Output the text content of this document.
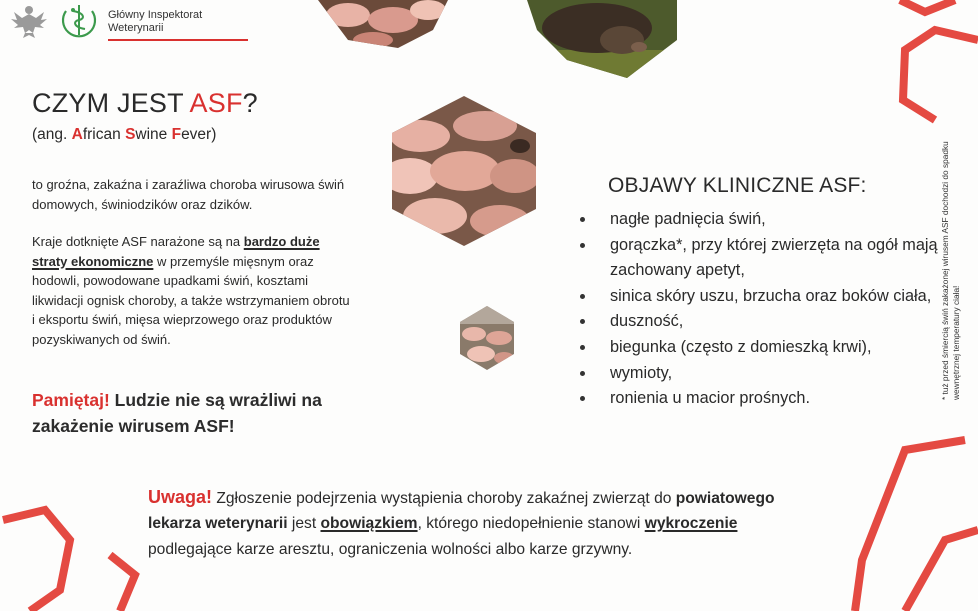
Główny Inspektorat
Weterynarii
CZYM JEST ASF?
(ang. African Swine Fever)
to groźna, zakaźna i zaraźliwa choroba wirusowa świń domowych, świniodzików oraz dzików.
Kraje dotknięte ASF narażone są na bardzo duże straty ekonomiczne w przemyśle mięsnym oraz hodowli, powodowane upadkami świń, kosztami likwidacji ognisk choroby, a także wstrzymaniem obrotu i eksportu świń, mięsa wieprzowego oraz produktów pozyskiwanych od świń.
Pamiętaj! Ludzie nie są wrażliwi na zakażenie wirusem ASF!
OBJAWY KLINICZNE ASF:
nagłe padnięcia świń,
gorączka*, przy której zwierzęta na ogół mają zachowany apetyt,
sinica skóry uszu, brzucha oraz boków ciała,
duszność,
biegunka (często z domieszką krwi),
wymioty,
ronienia u macior prośnych.	* tuż przed śmiercią świń zakażonej wirusem ASF dochodzi do spadku wewnętrznej temperatury ciała!
Uwaga! Zgłoszenie podejrzenia wystąpienia choroby zakaźnej zwierząt do powiatowego lekarza weterynarii jest obowiązkiem, którego niedopełnienie stanowi wykroczenie podlegające karze aresztu, ograniczenia wolności albo karze grzywny.
